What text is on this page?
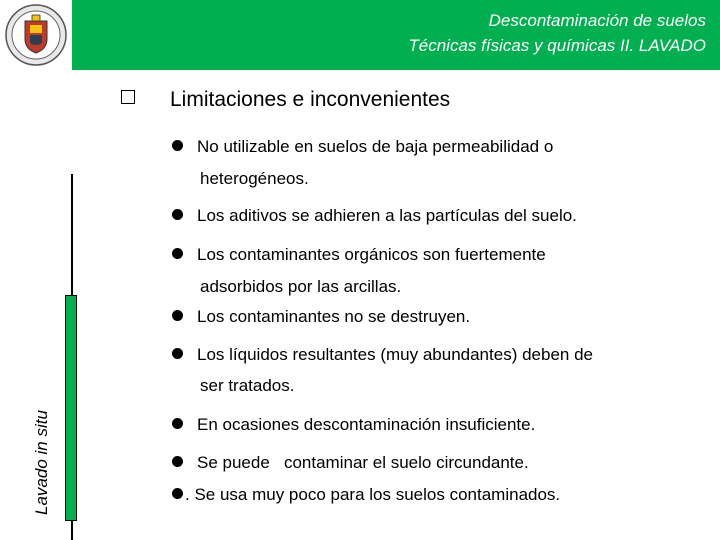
Descontaminación de suelos
Técnicas físicas y químicas II. LAVADO
Lavado in situ
Limitaciones e inconvenientes
No utilizable en suelos de baja permeabilidad o
heterogéneos.
Los aditivos se adhieren a las partículas del suelo.
Los contaminantes orgánicos son fuertemente
adsorbidos por las arcillas.
Los contaminantes no se destruyen.
Los líquidos resultantes (muy abundantes) deben de
ser tratados.
En ocasiones descontaminación insuficiente.
Se puede   contaminar el suelo circundante.
. Se usa muy poco para los suelos contaminados.
